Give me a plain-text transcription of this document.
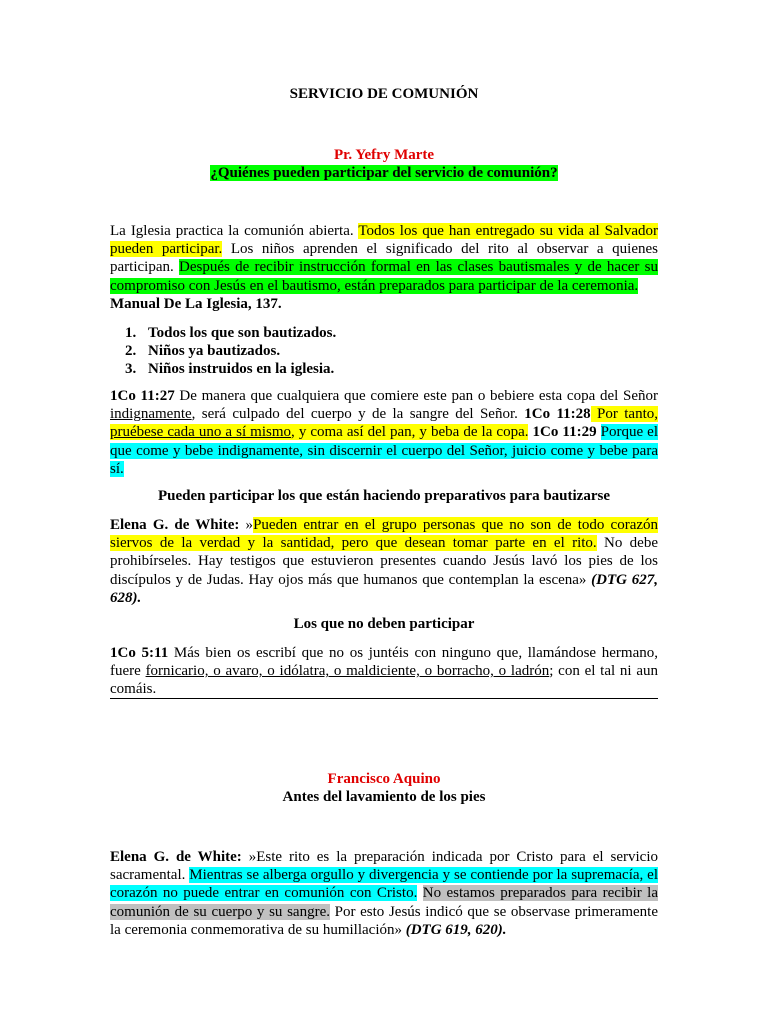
SERVICIO DE COMUNIÓN
Pr. Yefry Marte
¿Quiénes pueden participar del servicio de comunión?

La Iglesia practica la comunión abierta. Todos los que han entregado su vida al Salvador pueden participar. Los niños aprenden el significado del rito al observar a quienes participan. Después de recibir instrucción formal en las clases bautismales y de hacer su compromiso con Jesús en el bautismo, están preparados para participar de la ceremonia.

Manual De La Iglesia, 137.

1. Todos los que son bautizados.
2. Niños ya bautizados.
3. Niños instruidos en la iglesia.

1Co 11:27 De manera que cualquiera que comiere este pan o bebiere esta copa del Señor indignamente, será culpado del cuerpo y de la sangre del Señor. 1Co 11:28 Por tanto, pruébese cada uno a sí mismo, y coma así del pan, y beba de la copa. 1Co 11:29 Porque el que come y bebe indignamente, sin discernir el cuerpo del Señor, juicio come y bebe para sí.

Pueden participar los que están haciendo preparativos para bautizarse

Elena G. de White: »Pueden entrar en el grupo personas que no son de todo corazón siervos de la verdad y la santidad, pero que desean tomar parte en el rito. No debe prohibírseles. Hay testigos que estuvieron presentes cuando Jesús lavó los pies de los discípulos y de Judas. Hay ojos más que humanos que contemplan la escena» (DTG 627, 628).

Los que no deben participar

1Co 5:11 Más bien os escribí que no os juntéis con ninguno que, llamándose hermano, fuere fornicario, o avaro, o idólatra, o maldiciente, o borracho, o ladrón; con el tal ni aun comáis.

Francisco Aquino
Antes del lavamiento de los pies

Elena G. de White: »Este rito es la preparación indicada por Cristo para el servicio sacramental. Mientras se alberga orgullo y divergencia y se contiende por la supremacía, el corazón no puede entrar en comunión con Cristo. No estamos preparados para recibir la comunión de su cuerpo y su sangre. Por esto Jesús indicó que se observase primeramente la ceremonia conmemorativa de su humillación» (DTG 619, 620).
